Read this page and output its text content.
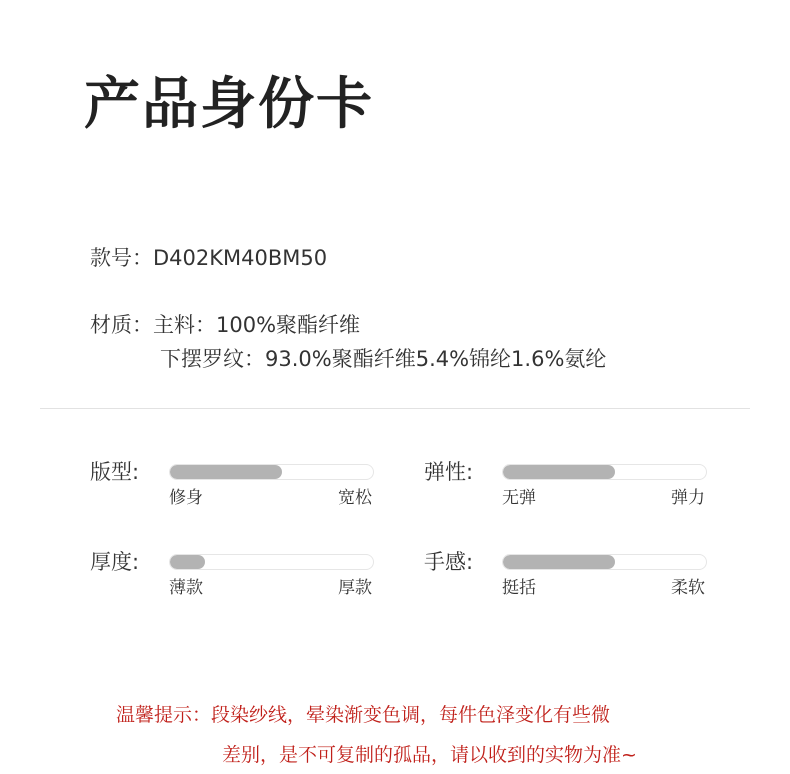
产品身份卡
款号：D402KM40BM50
材质：主料：100%聚酯纤维
下摆罗纹：93.0%聚酯纤维5.4%锦纶1.6%氨纶
版型:
修身	宽松
弹性:
无弹	弹力
厚度:
薄款	厚款
手感:
挺括	柔软
温馨提示：段染纱线，晕染渐变色调，每件色泽变化有些微
差别，是不可复制的孤品，请以收到的实物为准~
